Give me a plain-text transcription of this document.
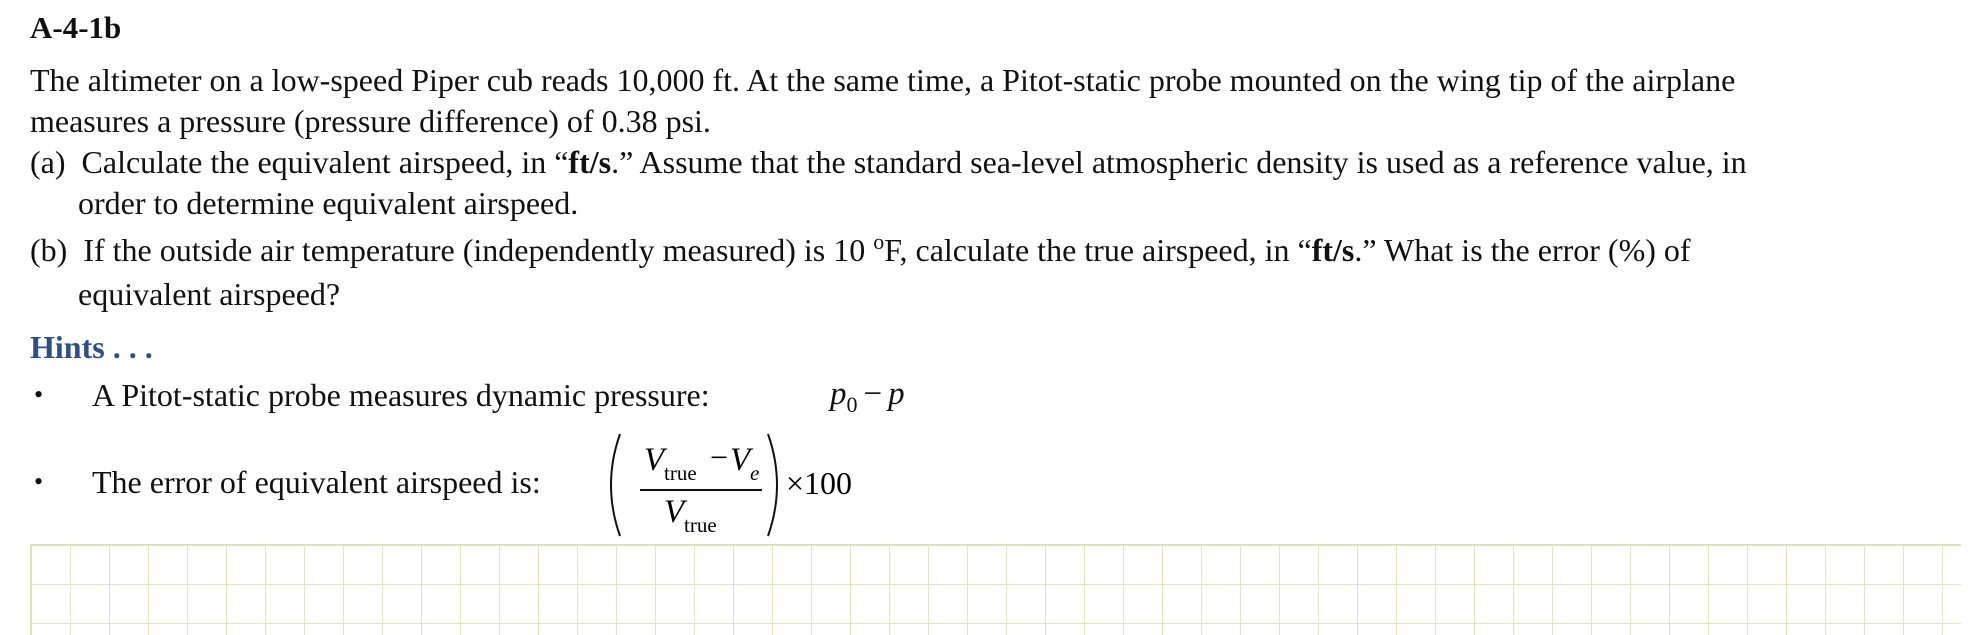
A-4-1b

The altimeter on a low-speed Piper cub reads 10,000 ft. At the same time, a Pitot-static probe mounted on the wing tip of the airplane

measures a pressure (pressure difference) of 0.38 psi.

(a) Calculate the equivalent airspeed, in “ft/s.” Assume that the standard sea-level atmospheric density is used as a reference value, in
order to determine equivalent airspeed.
(b) If the outside air temperature (independently measured) is 10 $^o$F, calculate the true airspeed, in “ft/s.” What is the error (%) of
equivalent airspeed?
Hints . . .
• A Pitot-static probe measures dynamic pressure:	$p_0 - p$
• The error of equivalent airspeed is:
V true − V e
V true
×100
